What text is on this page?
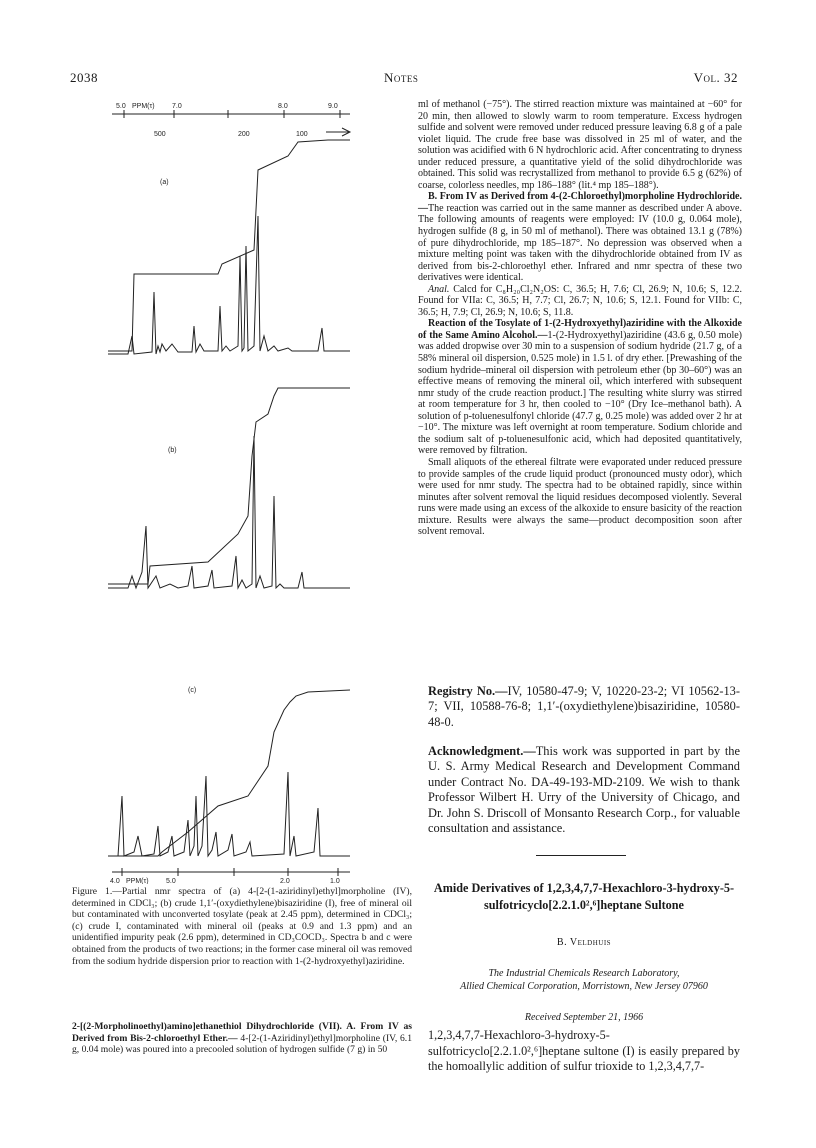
2038	Notes	Vol. 32
5.0 PPM(τ) 7.0	8.0	9.0
500	200	100
(a)
(b)
(c)
4.0 PPM(τ) 5.0	2.0	1.0
Figure 1.—Partial nmr spectra of (a) 4-[2-(1-aziridinyl)ethyl]morpholine (IV), determined in CDCl₃; (b) crude 1,1′-(oxydiethylene)bisaziridine (I), free of mineral oil but contaminated with unconverted tosylate (peak at 2.45 ppm), determined in CDCl₃; (c) crude I, contaminated with mineral oil (peaks at 0.9 and 1.3 ppm) and an unidentified impurity peak (2.6 ppm), determined in CD₃COCD₃. Spectra b and c were obtained from the products of two reactions; in the former case mineral oil was removed from the sodium hydride dispersion prior to reaction with 1-(2-hydroxyethyl)aziridine.
2-[(2-Morpholinoethyl)amino]ethanethiol Dihydrochloride (VII). A. From IV as Derived from Bis-2-chloroethyl Ether.— 4-[2-(1-Aziridinyl)ethyl]morpholine (IV, 6.1 g, 0.04 mole) was poured into a precooled solution of hydrogen sulfide (7 g) in 50

ml of methanol (−75°). The stirred reaction mixture was maintained at −60° for 20 min, then allowed to slowly warm to room temperature. Excess hydrogen sulfide and solvent were removed under reduced pressure leaving 6.8 g of a pale violet liquid. The crude free base was dissolved in 25 ml of water, and the solution was acidified with 6 N hydrochloric acid. After concentrating to dryness under reduced pressure, a quantitative yield of the solid dihydrochloride was obtained. This solid was recrystallized from methanol to provide 6.5 g (62%) of coarse, colorless needles, mp 186–188° (lit.⁴ mp 185–188°).

B. From IV as Derived from 4-(2-Chloroethyl)morpholine Hydrochloride.—The reaction was carried out in the same manner as described under A above. The following amounts of reagents were employed: IV (10.0 g, 0.064 mole), hydrogen sulfide (8 g, in 50 ml of methanol). There was obtained 13.1 g (78%) of pure dihydrochloride, mp 185–187°. No depression was observed when a mixture melting point was taken with the dihydrochloride obtained from IV as derived from bis-2-chloroethyl ether. Infrared and nmr spectra of these two derivatives were identical.

Anal. Calcd for C₈H₂₀Cl₂N₂OS: C, 36.5; H, 7.6; Cl, 26.9; N, 10.6; S, 12.2. Found for VIIa: C, 36.5; H, 7.7; Cl, 26.7; N, 10.6; S, 12.1. Found for VIIb: C, 36.5; H, 7.9; Cl, 26.9; N, 10.6; S, 11.8.

Reaction of the Tosylate of 1-(2-Hydroxyethyl)aziridine with the Alkoxide of the Same Amino Alcohol.—1-(2-Hydroxyethyl)aziridine (43.6 g, 0.50 mole) was added dropwise over 30 min to a suspension of sodium hydride (21.7 g, of a 58% mineral oil dispersion, 0.525 mole) in 1.5 l. of dry ether. [Prewashing of the sodium hydride–mineral oil dispersion with petroleum ether (bp 30–60°) was an effective means of removing the mineral oil, which interfered with subsequent nmr study of the crude reaction product.] The resulting white slurry was stirred at room temperature for 3 hr, then cooled to −10° (Dry Ice–methanol bath). A solution of p-toluenesulfonyl chloride (47.7 g, 0.25 mole) was added over 2 hr at −10°. The mixture was left overnight at room temperature. Sodium chloride and the sodium salt of p-toluenesulfonic acid, which had deposited quantitatively, were removed by filtration.

Small aliquots of the ethereal filtrate were evaporated under reduced pressure to provide samples of the crude liquid product (pronounced musty odor), which were used for nmr study. The spectra had to be obtained rapidly, since within minutes after solvent removal the liquid residues decomposed violently. Several runs were made using an excess of the alkoxide to ensure basicity of the reaction mixture. Results were always the same—product decomposition soon after solvent removal.

Registry No.—IV, 10580-47-9; V, 10220-23-2; VI 10562-13-7; VII, 10588-76-8; 1,1′-(oxydiethylene)bisaziridine, 10580-48-0.
Acknowledgment.—This work was supported in part by the U. S. Army Medical Research and Development Command under Contract No. DA-49-193-MD-2109. We wish to thank Professor Wilbert H. Urry of the University of Chicago, and Dr. John S. Driscoll of Monsanto Research Corp., for valuable consultation and assistance.
Amide Derivatives of 1,2,3,4,7,7-Hexachloro-3-hydroxy-5-sulfotricyclo[2.2.1.0²,⁶]heptane Sultone
B. Veldhuis
The Industrial Chemicals Research Laboratory,
Allied Chemical Corporation, Morristown, New Jersey 07960
Received September 21, 1966
1,2,3,4,7,7-Hexachloro-3-hydroxy-5-sulfotricyclo[2.2.1.0²,⁶]heptane sultone (I) is easily prepared by the homoallylic addition of sulfur trioxide to 1,2,3,4,7,7-
